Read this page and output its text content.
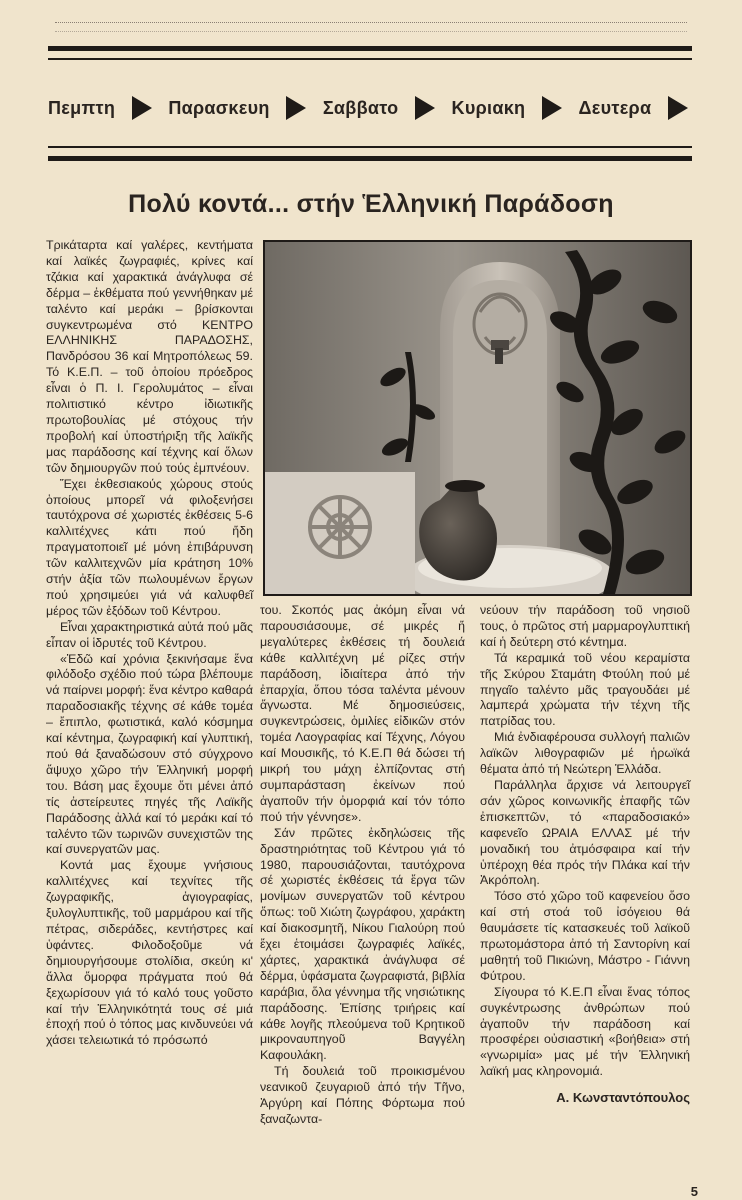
Πεμπτη	Παρασκευη	Σαββατο	Κυριακη	Δευτερα
Πολύ κοντά... στήν Ἑλληνική Παράδοση

Τρικάταρτα καί γαλέρες, κεντήματα καί λαϊκές ζωγραφιές, κρίνες καί τζάκια καί χαρακτικά ἀνάγλυφα σέ δέρμα – ἐκθέματα πού γεννήθηκαν μέ ταλέντο καί μεράκι – βρίσκονται συγκεντρωμένα στό ΚΕΝΤΡΟ ΕΛΛΗΝΙΚΗΣ ΠΑΡΑΔΟΣΗΣ, Πανδρόσου 36 καί Μητροπόλεως 59. Τό Κ.Ε.Π. – τοῦ ὁποίου πρόεδρος εἶναι ὁ Π. Ι. Γερολυμάτος – εἶναι πολιτιστικό κέντρο ἰδιωτικῆς πρωτοβουλίας μέ στόχους τήν προβολή καί ὑποστήριξη τῆς λαϊκῆς μας παράδοσης καί τέχνης καί ὅλων τῶν δημιουργῶν πού τούς ἐμπνέουν.

Ἔχει ἐκθεσιακούς χώρους στούς ὁποίους μπορεῖ νά φιλοξενήσει ταυτόχρονα σέ χωριστές ἐκθέσεις 5-6 καλλιτέχνες κάτι πού ἤδη πραγματοποιεῖ μέ μόνη ἐπιβάρυνση τῶν καλλιτεχνῶν μία κράτηση 10% στήν ἀξία τῶν πωλουμένων ἔργων πού χρησιμεύει γιά νά καλυφθεῖ μέρος τῶν ἐξόδων τοῦ Κέντρου.

Εἶναι χαρακτηριστικά αὐτά πού μᾶς εἶπαν οἱ ἱδρυτές τοῦ Κέντρου.

«Ἐδῶ καί χρόνια ξεκινήσαμε ἕνα φιλόδοξο σχέδιο πού τώρα βλέπουμε νά παίρνει μορφή: ἕνα κέντρο καθαρά παραδοσιακῆς τέχνης σέ κάθε τομέα – ἔπιπλο, φωτιστικά, καλό κόσμημα καί κέντημα, ζωγραφική καί γλυπτική, πού θά ξαναδώσουν στό σύγχρονο ἄψυχο χῶρο τήν Ἑλληνική μορφή του. Βάση μας ἔχουμε ὅτι μένει ἀπό τίς ἀστείρευτες πηγές τῆς Λαϊκῆς Παράδοσης ἀλλά καί τό μεράκι καί τό ταλέντο τῶν τωρινῶν συνεχιστῶν της καί συνεργατῶν μας.

Κοντά μας ἔχουμε γνήσιους καλλιτέχνες καί τεχνίτες τῆς ζωγραφικῆς, ἁγιογραφίας, ξυλογλυπτικῆς, τοῦ μαρμάρου καί τῆς πέτρας, σιδεράδες, κεντήστρες καί ὑφάντες. Φιλοδοξοῦμε νά δημιουργήσουμε στολίδια, σκεύη κι' ἄλλα ὄμορφα πράγματα πού θά ξεχωρίσουν γιά τό καλό τους γοῦστο καί τήν Ἑλληνικότητά τους σέ μιά ἐποχή πού ὁ τόπος μας κινδυνεύει νά χάσει τελειωτικά τό πρόσωπό

του. Σκοπός μας ἀκόμη εἶναι νά παρουσιάσουμε, σέ μικρές ἤ μεγαλύτερες ἐκθέσεις τή δουλειά κάθε καλλιτέχνη μέ ρίζες στήν παράδοση, ἰδιαίτερα ἀπό τήν ἐπαρχία, ὅπου τόσα ταλέντα μένουν ἄγνωστα. Μέ δημοσιεύσεις, συγκεντρώσεις, ὁμιλίες εἰδικῶν στόν τομέα Λαογραφίας καί Τέχνης, Λόγου καί Μουσικῆς, τό Κ.Ε.Π θά δώσει τή μικρή του μάχη ἐλπίζοντας στή συμπαράσταση ἐκείνων πού ἀγαποῦν τήν ὀμορφιά καί τόν τόπο πού τήν γέννησε».

Σάν πρῶτες ἐκδηλώσεις τῆς δραστηριότητας τοῦ Κέντρου γιά τό 1980, παρουσιάζονται, ταυτόχρονα σέ χωριστές ἐκθέσεις τά ἔργα τῶν μονίμων συνεργατῶν τοῦ κέντρου ὅπως: τοῦ Χιώτη ζωγράφου, χαράκτη καί διακοσμητῆ, Νίκου Γιαλούρη πού ἔχει ἑτοιμάσει ζωγραφιές λαϊκές, χάρτες, χαρακτικά ἀνάγλυφα σέ δέρμα, ὑφάσματα ζωγραφιστά, βιβλία καράβια, ὅλα γέννημα τῆς νησιώτικης παράδοσης. Ἐπίσης τριήρεις καί κάθε λογῆς πλεούμενα τοῦ Κρητικοῦ μικροναυπηγοῦ Βαγγέλη Καφουλάκη.

Τή δουλειά τοῦ προικισμένου νεανικοῦ ζευγαριοῦ ἀπό τήν Τῆνο, Ἀργύρη καί Πόπης Φόρτωμα πού ξαναζωντα-

νεύουν τήν παράδοση τοῦ νησιοῦ τους, ὁ πρῶτος στή μαρμαρογλυπτική καί ἡ δεύτερη στό κέντημα.

Τά κεραμικά τοῦ νέου κεραμίστα τῆς Σκύρου Σταμάτη Φτούλη πού μέ πηγαῖο ταλέντο μᾶς τραγουδάει μέ λαμπερά χρώματα τήν τέχνη τῆς πατρίδας του.

Μιά ἐνδιαφέρουσα συλλογή παλιῶν λαϊκῶν λιθογραφιῶν μέ ἡρωϊκά θέματα ἀπό τή Νεώτερη Ἑλλάδα.

Παράλληλα ἄρχισε νά λειτουργεῖ σάν χῶρος κοινωνικῆς ἐπαφῆς τῶν ἐπισκεπτῶν, τό «παραδοσιακό» καφενεῖο ΩΡΑΙΑ ΕΛΛΑΣ μέ τήν μοναδική του ἀτμόσφαιρα καί τήν ὑπέροχη θέα πρός τήν Πλάκα καί τήν Ἀκρόπολη.

Τόσο στό χῶρο τοῦ καφενείου ὅσο καί στή στοά τοῦ ἰσόγειου θά θαυμάσετε τίς κατασκευές τοῦ λαϊκοῦ πρωτομάστορα ἀπό τή Σαντορίνη καί μαθητή τοῦ Πικιώνη, Μάστρο - Γιάννη Φύτρου.

Σίγουρα τό Κ.Ε.Π εἶναι ἕνας τόπος συγκέντρωσης ἀνθρώπων πού ἀγαποῦν τήν παράδοση καί προσφέρει οὐσιαστική «βοήθεια» στή «γνωριμία» μας μέ τήν Ἑλληνική λαϊκή μας κληρονομιά.

Α. Κωνσταντόπουλος

5
